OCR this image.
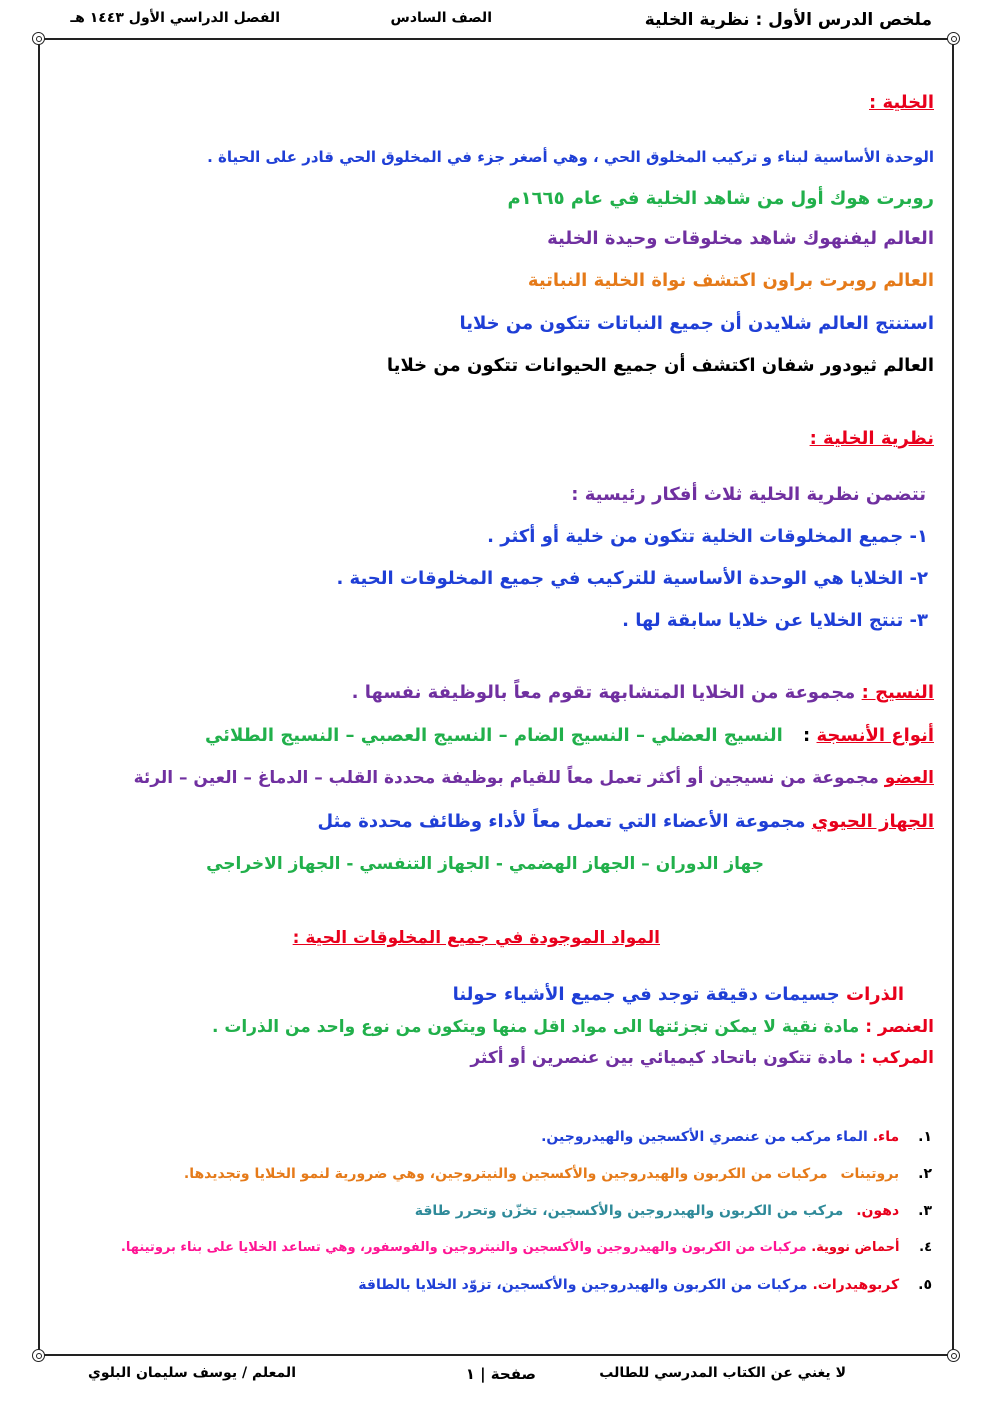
ملخص الدرس الأول : نظرية الخلية
الصف السادس
الفصل الدراسي الأول ١٤٤٣ هـ
الخلية :
الوحدة الأساسية لبناء و تركيب المخلوق الحي ، وهي أصغر جزء في المخلوق الحي قادر على الحياة .
روبرت هوك أول من شاهد الخلية في عام ١٦٦٥م
العالم ليفنهوك شاهد مخلوقات وحيدة الخلية
العالم روبرت براون اكتشف نواة الخلية النباتية
استنتج العالم شلايدن أن جميع النباتات تتكون من خلايا
العالم ثيودور شفان اكتشف أن جميع الحيوانات تتكون من خلايا
نظرية الخلية :
تتضمن نظرية الخلية ثلاث أفكار رئيسية :
١- جميع المخلوقات الخلية تتكون من خلية أو أكثر .
٢- الخلايا هي الوحدة الأساسية للتركيب في جميع المخلوقات الحية .
٣- تنتج الخلايا عن خلايا سابقة لها .
النسيج : مجموعة من الخلايا المتشابهة تقوم معاً بالوظيفة نفسها .
أنواع الأنسجة : النسيج العضلي – النسيج الضام – النسيج العصبي – النسيج الطلائي
العضو مجموعة من نسيجين أو أكثر تعمل معاً للقيام بوظيفة محددة القلب – الدماغ – العين – الرئة
الجهاز الحيوي مجموعة الأعضاء التي تعمل معاً لأداء وظائف محددة مثل
جهاز الدوران – الجهاز الهضمي - الجهاز التنفسي - الجهاز الاخراجي
المواد الموجودة في جميع المخلوقات الحية :
الذرات جسيمات دقيقة توجد في جميع الأشياء حولنا
العنصر : مادة نقية لا يمكن تجزئتها الى مواد اقل منها ويتكون من نوع واحد من الذرات .
المركب : مادة تتكون باتحاد كيميائي بين عنصرين أو أكثر
١. ماء. الماء مركب من عنصري الأكسجين والهيدروجين.
٢. بروتينات مركبات من الكربون والهيدروجين والأكسجين والنيتروجين، وهي ضرورية لنمو الخلايا وتجديدها.
٣. دهون. مركب من الكربون والهيدروجين والأكسجين، تخزّن وتحرر طاقة
٤. أحماض نووية. مركبات من الكربون والهيدروجين والأكسجين والنيتروجين والفوسفور، وهي تساعد الخلايا على بناء بروتينها.
٥. كربوهيدرات. مركبات من الكربون والهيدروجين والأكسجين، تزوّد الخلايا بالطاقة
لا يغني عن الكتاب المدرسي للطالب
صفحة | ١
المعلم / يوسف سليمان البلوي
